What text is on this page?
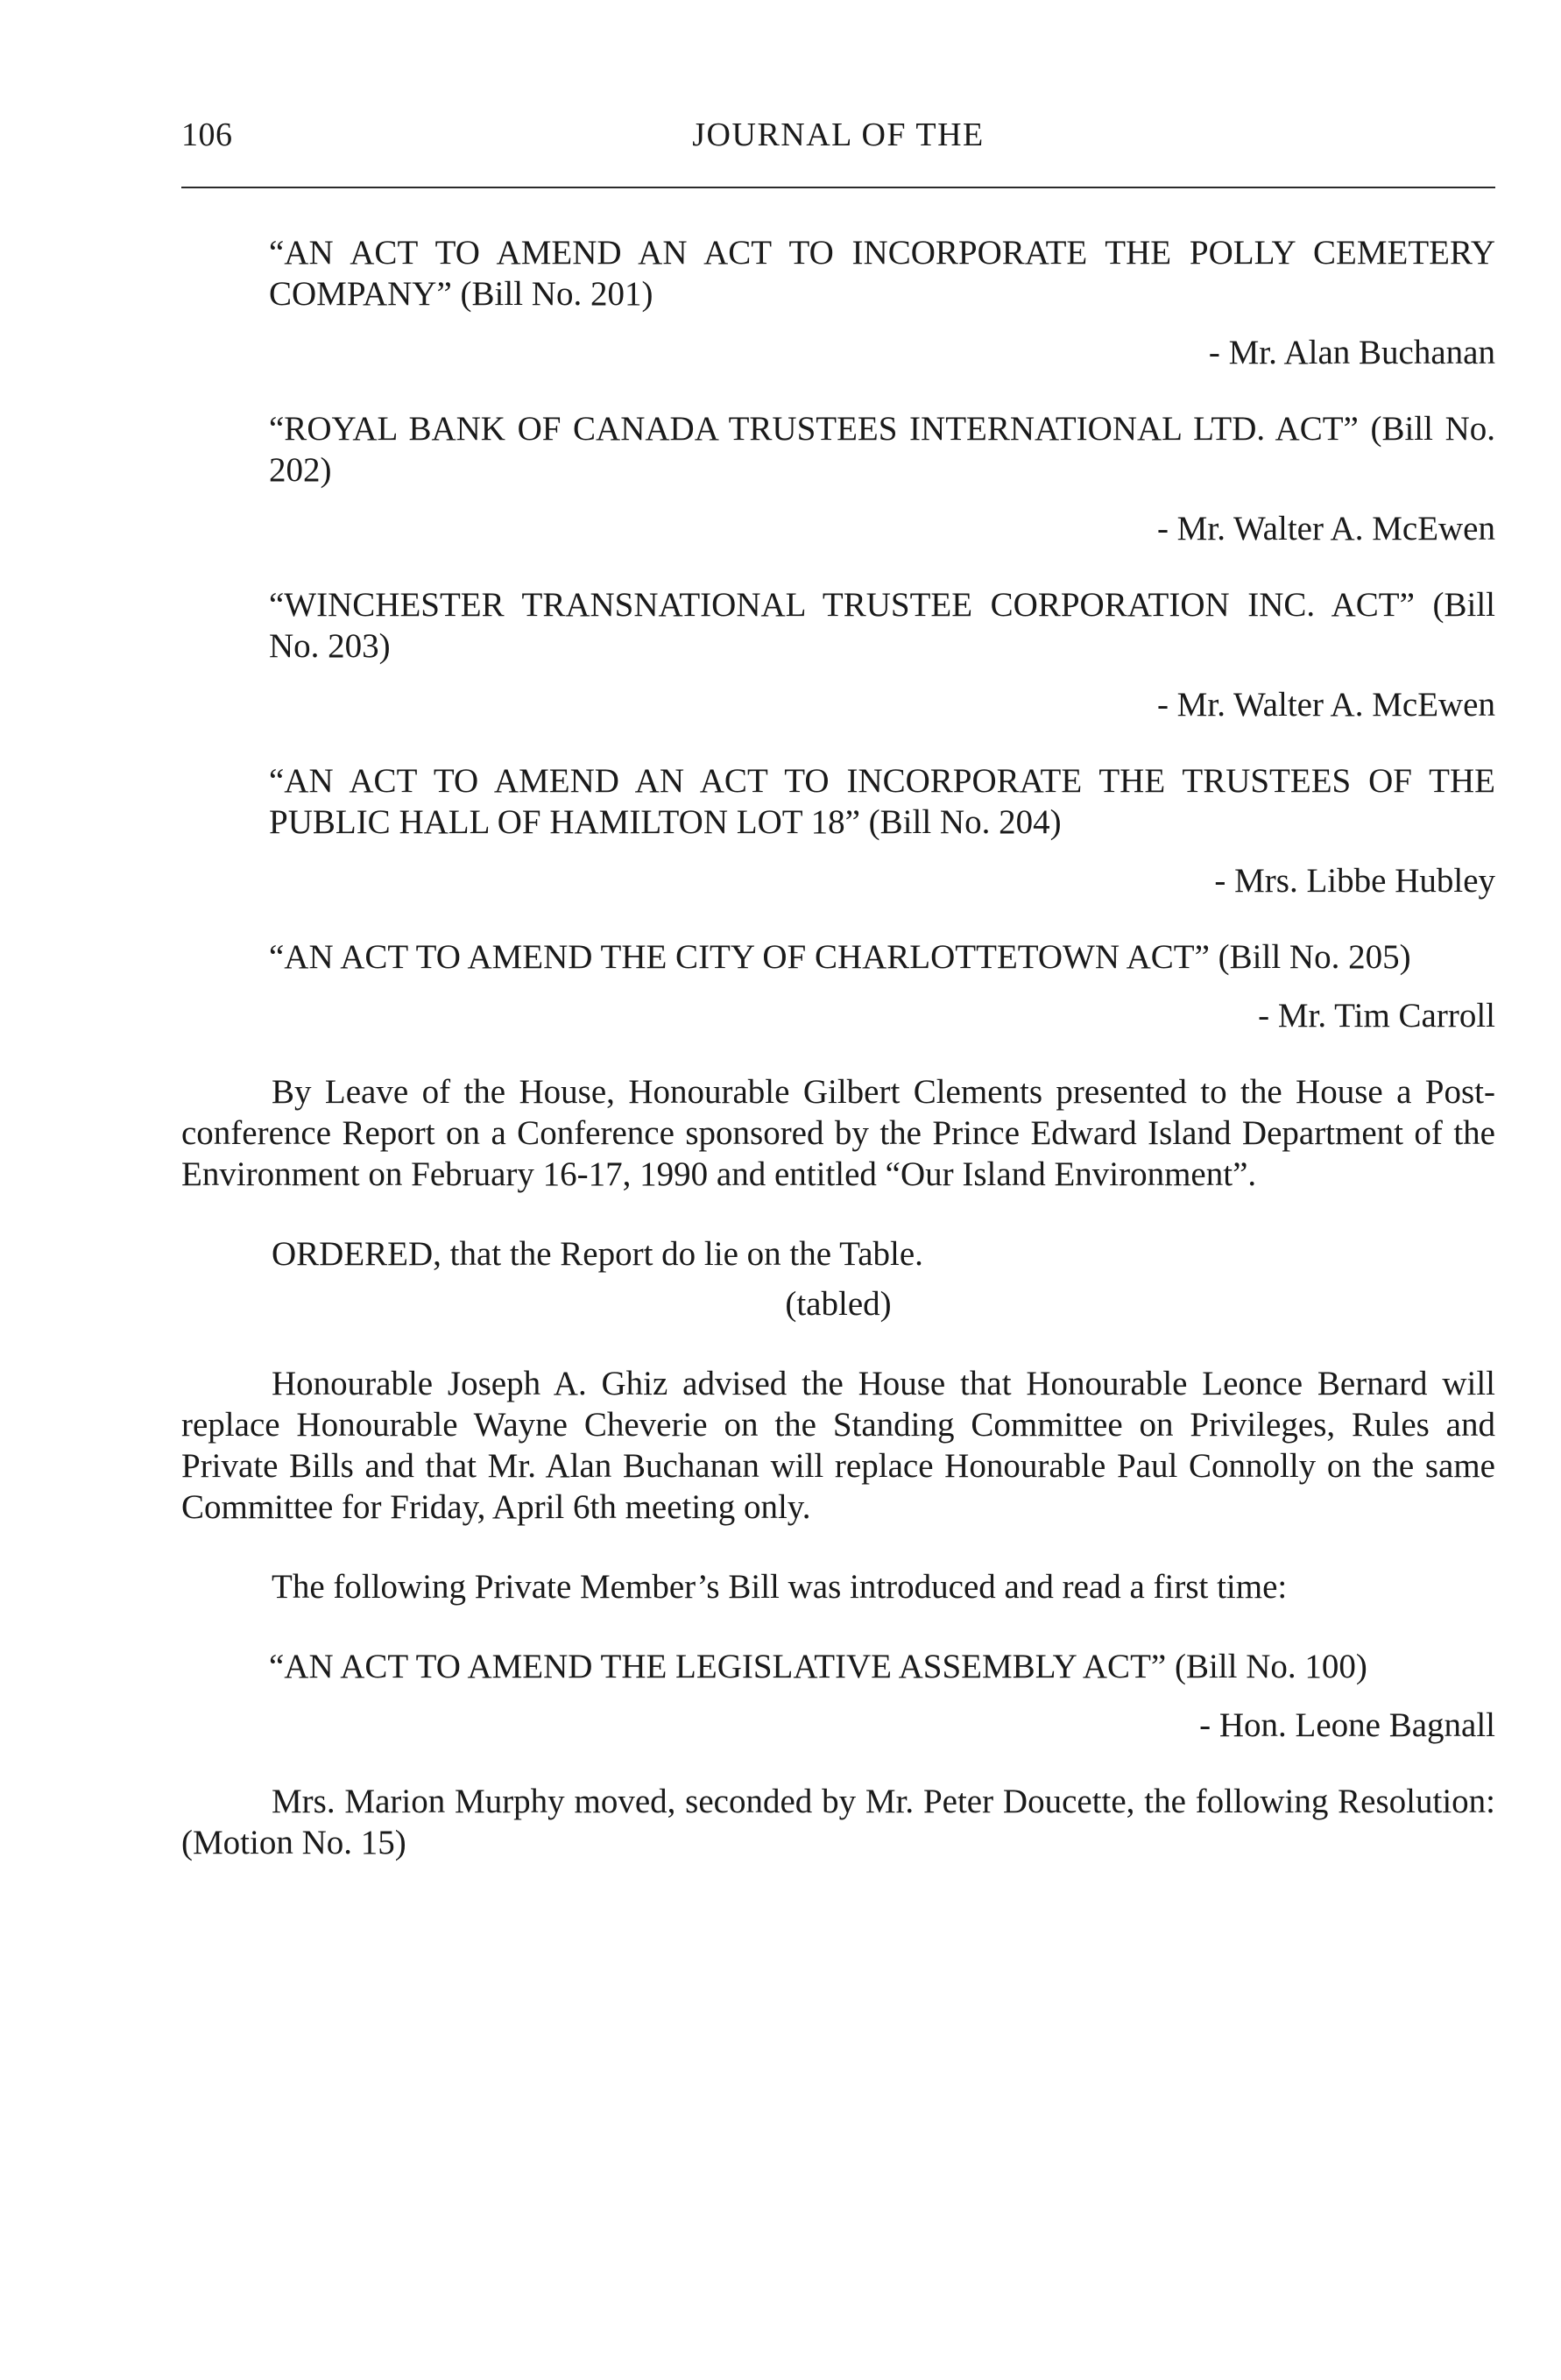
106	JOURNAL OF THE

“AN ACT TO AMEND AN ACT TO INCORPORATE THE POLLY CEMETERY COMPANY” (Bill No. 201)

- Mr. Alan Buchanan

“ROYAL BANK OF CANADA TRUSTEES INTERNATIONAL LTD. ACT” (Bill No. 202)

- Mr. Walter A. McEwen

“WINCHESTER TRANSNATIONAL TRUSTEE CORPORATION INC. ACT” (Bill No. 203)

- Mr. Walter A. McEwen

“AN ACT TO AMEND AN ACT TO INCORPORATE THE TRUSTEES OF THE PUBLIC HALL OF HAMILTON LOT 18” (Bill No. 204)

- Mrs. Libbe Hubley

“AN ACT TO AMEND THE CITY OF CHARLOTTETOWN ACT” (Bill No. 205)

- Mr. Tim Carroll

By Leave of the House, Honourable Gilbert Clements presented to the House a Post-conference Report on a Conference sponsored by the Prince Edward Island Department of the Environment on February 16-17, 1990 and entitled “Our Island Environment”.

ORDERED, that the Report do lie on the Table.

(tabled)

Honourable Joseph A. Ghiz advised the House that Honourable Leonce Bernard will replace Honourable Wayne Cheverie on the Standing Committee on Privileges, Rules and Private Bills and that Mr. Alan Buchanan will replace Honourable Paul Connolly on the same Committee for Friday, April 6th meeting only.

The following Private Member’s Bill was introduced and read a first time:

“AN ACT TO AMEND THE LEGISLATIVE ASSEMBLY ACT” (Bill No. 100)

- Hon. Leone Bagnall

Mrs. Marion Murphy moved, seconded by Mr. Peter Doucette, the following Resolution: (Motion No. 15)
